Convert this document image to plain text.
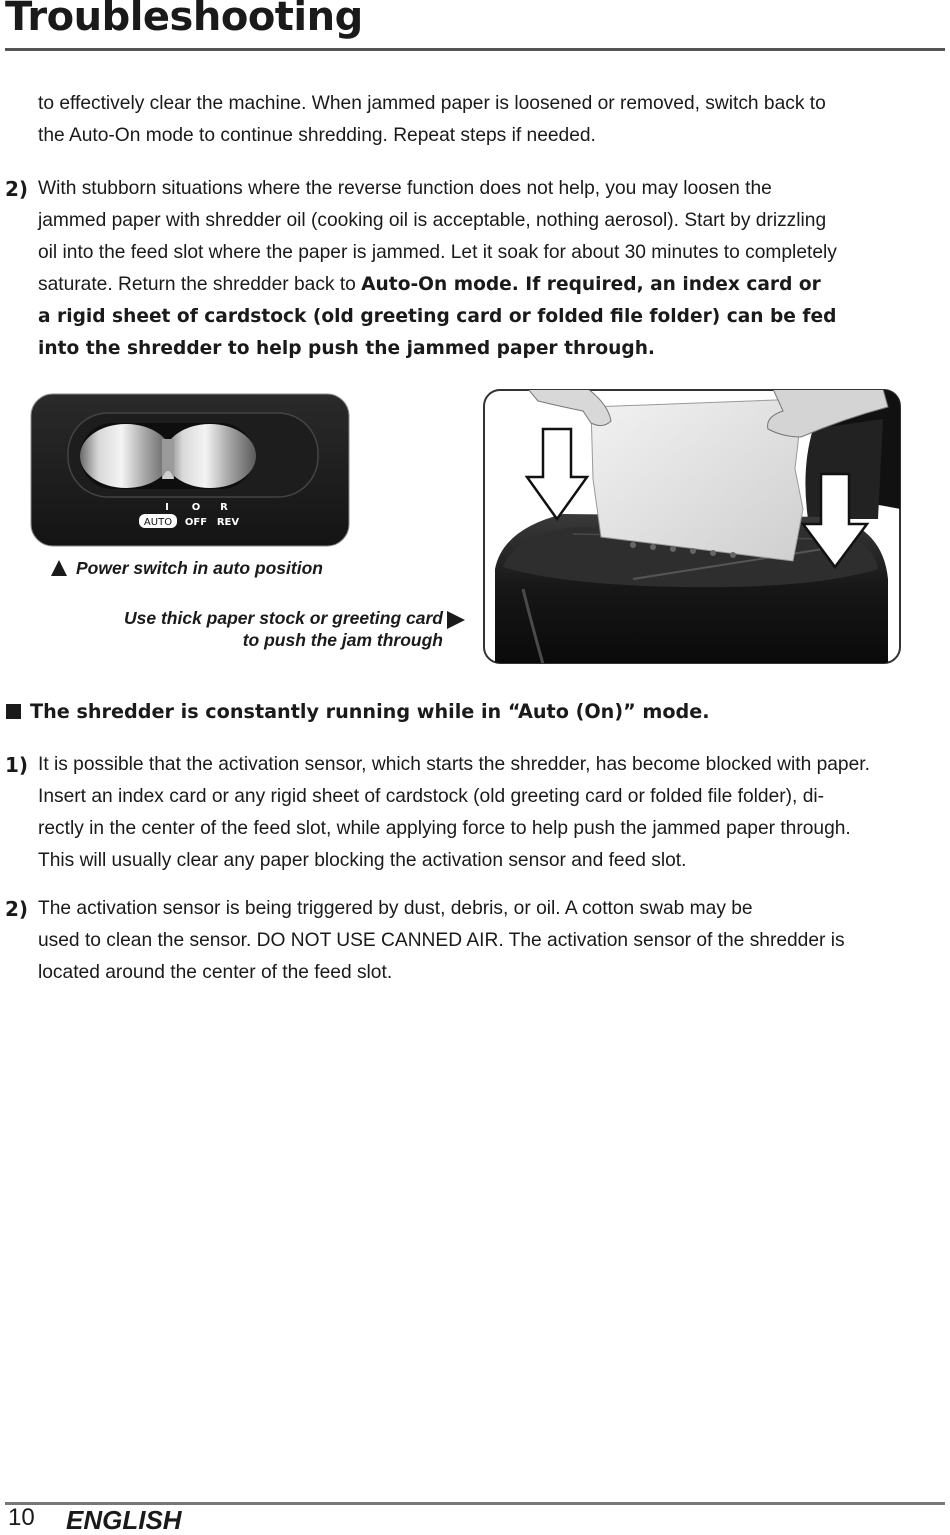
Troubleshooting
to effectively clear the machine. When jammed paper is loosened or removed, switch back to
the Auto-On mode to continue shredding. Repeat steps if needed.
2) With stubborn situations where the reverse function does not help, you may loosen the
jammed paper with shredder oil (cooking oil is acceptable, nothing aerosol). Start by drizzling
oil into the feed slot where the paper is jammed. Let it soak for about 30 minutes to completely
saturate. Return the shredder back to Auto-On mode. If required, an index card or
a rigid sheet of cardstock (old greeting card or folded file folder) can be fed
into the shredder to help push the jammed paper through.
I O R
AUTO OFF REV
Power switch in auto position
Use thick paper stock or greeting card
to push the jam through
The shredder is constantly running while in “Auto (On)” mode.
1) It is possible that the activation sensor, which starts the shredder, has become blocked with paper.
Insert an index card or any rigid sheet of cardstock (old greeting card or folded file folder), di-
rectly in the center of the feed slot, while applying force to help push the jammed paper through.
This will usually clear any paper blocking the activation sensor and feed slot.
2) The activation sensor is being triggered by dust, debris, or oil. A cotton swab may be
used to clean the sensor. DO NOT USE CANNED AIR. The activation sensor of the shredder is
located around the center of the feed slot.
10 ENGLISH
